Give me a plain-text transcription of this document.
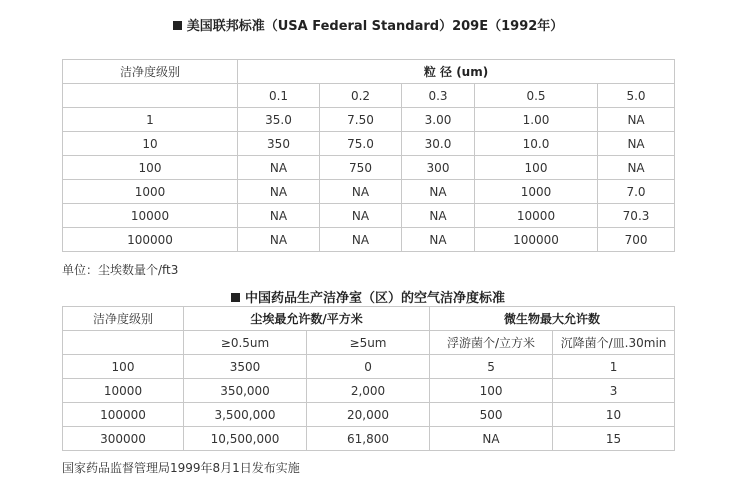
美国联邦标准（USA Federal Standard）209E（1992年）
洁净度级别	粒 径 (um)				
	0.1	0.2	0.3	0.5	5.0
1	35.0	7.50	3.00	1.00	NA
10	350	75.0	30.0	10.0	NA
100	NA	750	300	100	NA
1000	NA	NA	NA	1000	7.0
10000	NA	NA	NA	10000	70.3
100000	NA	NA	NA	100000	700
单位：尘埃数量个/ft3
中国药品生产洁净室（区）的空气洁净度标准
洁净度级别	尘埃最允许数/平方米		微生物最大允许数	
	≥0.5um	≥5um	浮游菌个/立方米	沉降菌个/皿.30min
100	3500	0	5	1
10000	350,000	2,000	100	3
100000	3,500,000	20,000	500	10
300000	10,500,000	61,800	NA	15
国家药品监督管理局1999年8月1日发布实施
